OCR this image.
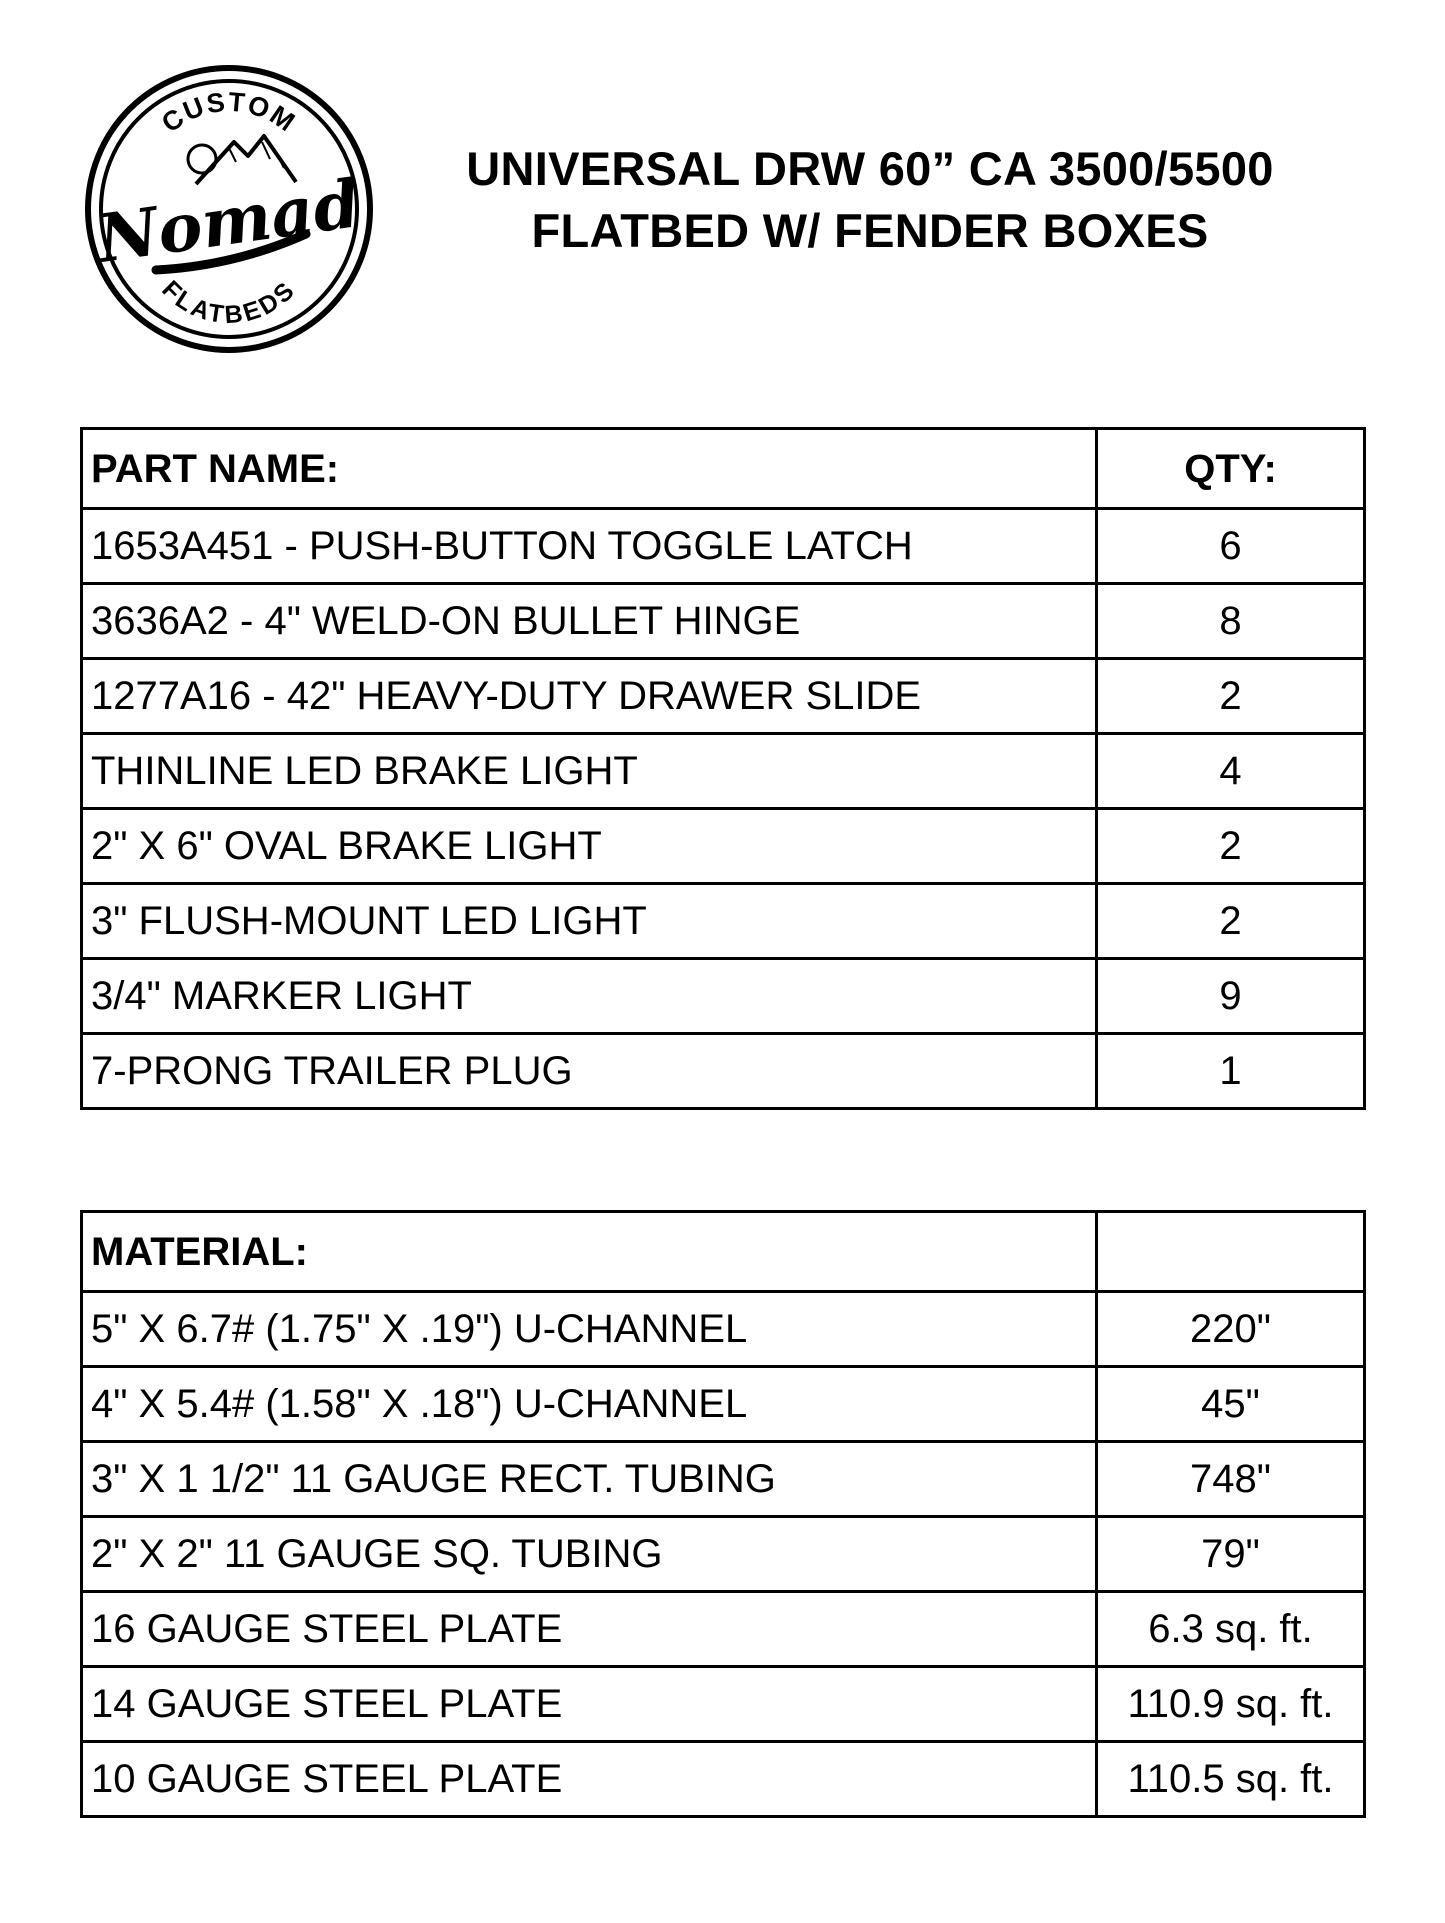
CUSTOM
FLATBEDS
Nomad	UNIVERSAL DRW 60” CA 3500/5500
FLATBED W/ FENDER BOXES
PART NAME:	QTY:
1653A451 - PUSH-BUTTON TOGGLE LATCH	6
3636A2 - 4" WELD-ON BULLET HINGE	8
1277A16 - 42" HEAVY-DUTY DRAWER SLIDE	2
THINLINE LED BRAKE LIGHT	4
2" X 6" OVAL BRAKE LIGHT	2
3" FLUSH-MOUNT LED LIGHT	2
3/4" MARKER LIGHT	9
7-PRONG TRAILER PLUG	1
MATERIAL:	
5" X 6.7# (1.75" X .19") U-CHANNEL	220"
4" X 5.4# (1.58" X .18") U-CHANNEL	45"
3" X 1 1/2" 11 GAUGE RECT. TUBING	748"
2" X 2" 11 GAUGE SQ. TUBING	79"
16 GAUGE STEEL PLATE	6.3 sq. ft.
14 GAUGE STEEL PLATE	110.9 sq. ft.
10 GAUGE STEEL PLATE	110.5 sq. ft.
